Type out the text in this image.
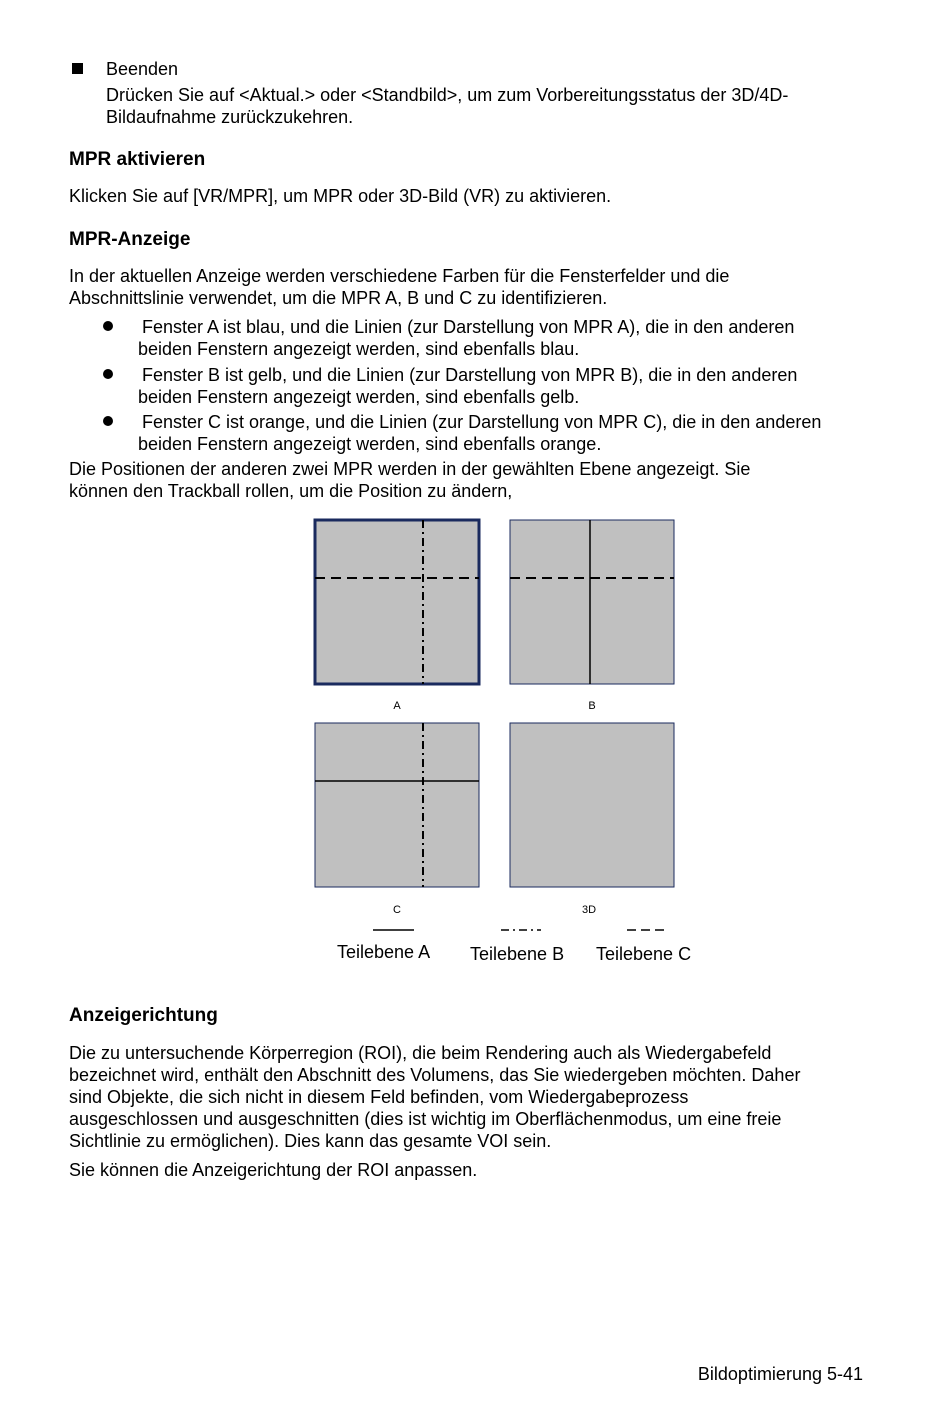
Beenden
Drücken Sie auf <Aktual.> oder <Standbild>, um zum Vorbereitungsstatus der 3D/4D-
Bildaufnahme zurückzukehren.
MPR aktivieren
Klicken Sie auf [VR/MPR], um MPR oder 3D-Bild (VR) zu aktivieren.
MPR-Anzeige
In der aktuellen Anzeige werden verschiedene Farben für die Fensterfelder und die
Abschnittslinie verwendet, um die MPR A, B und C zu identifizieren.
Fenster A ist blau, und die Linien (zur Darstellung von MPR A), die in den anderen
beiden Fenstern angezeigt werden, sind ebenfalls blau.
Fenster B ist gelb, und die Linien (zur Darstellung von MPR B), die in den anderen
beiden Fenstern angezeigt werden, sind ebenfalls gelb.
Fenster C ist orange, und die Linien (zur Darstellung von MPR C), die in den anderen
beiden Fenstern angezeigt werden, sind ebenfalls orange.
Die Positionen der anderen zwei MPR werden in der gewählten Ebene angezeigt. Sie
können den Trackball rollen, um die Position zu ändern,
A	B
C	3D
Teilebene A Teilebene B Teilebene C
Anzeigerichtung
Die zu untersuchende Körperregion (ROI), die beim Rendering auch als Wiedergabefeld
bezeichnet wird, enthält den Abschnitt des Volumens, das Sie wiedergeben möchten. Daher
sind Objekte, die sich nicht in diesem Feld befinden, vom Wiedergabeprozess
ausgeschlossen und ausgeschnitten (dies ist wichtig im Oberflächenmodus, um eine freie
Sichtlinie zu ermöglichen). Dies kann das gesamte VOI sein.
Sie können die Anzeigerichtung der ROI anpassen.
Bildoptimierung 5-41
